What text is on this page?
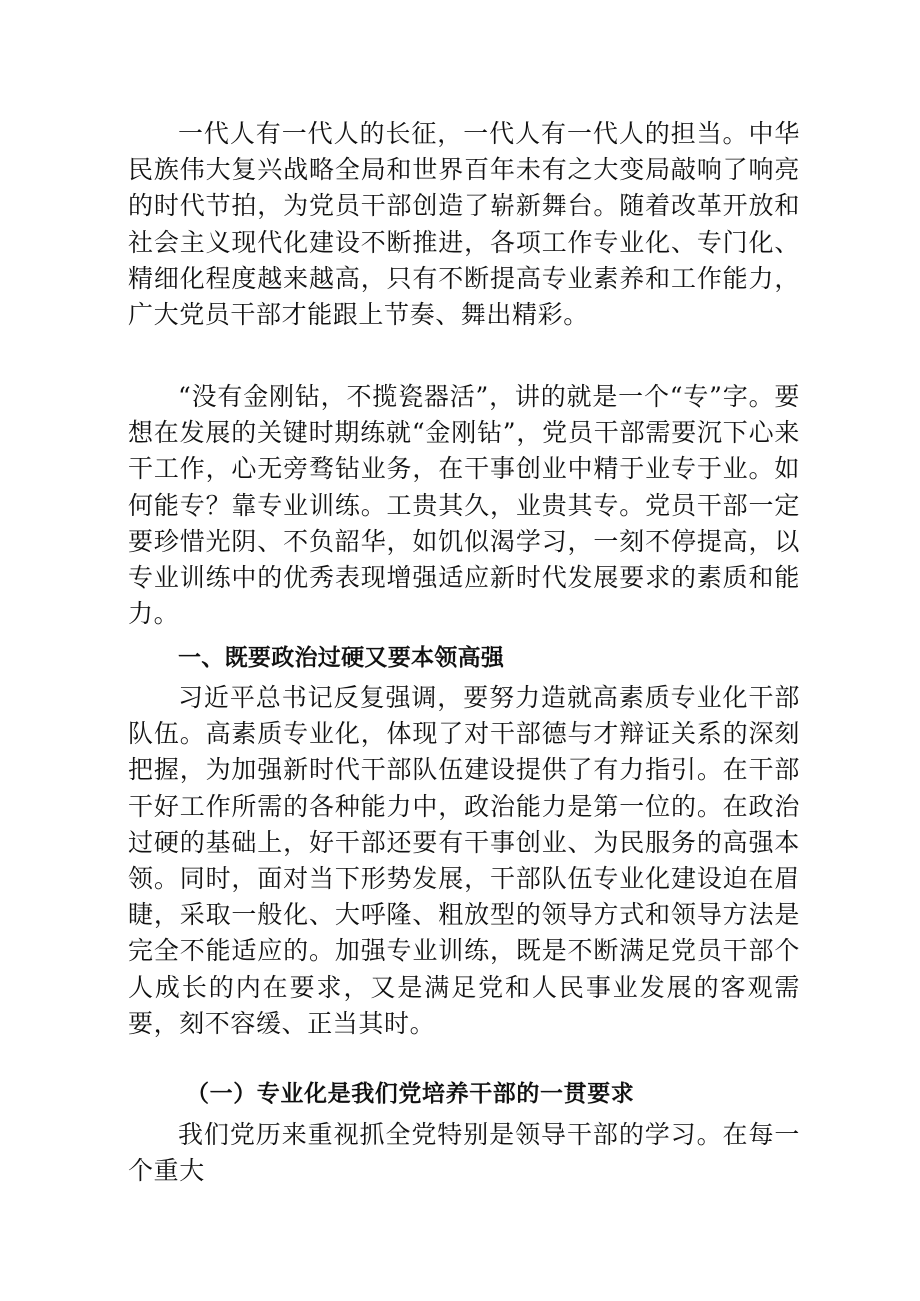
一代人有一代人的长征，一代人有一代人的担当。中华民族伟大复兴战略全局和世界百年未有之大变局敲响了响亮的时代节拍，为党员干部创造了崭新舞台。随着改革开放和社会主义现代化建设不断推进，各项工作专业化、专门化、精细化程度越来越高，只有不断提高专业素养和工作能力，广大党员干部才能跟上节奏、舞出精彩。

“没有金刚钻，不揽瓷器活”，讲的就是一个“专”字。要想在发展的关键时期练就“金刚钻”，党员干部需要沉下心来干工作，心无旁骛钻业务，在干事创业中精于业专于业。如何能专？靠专业训练。工贵其久，业贵其专。党员干部一定要珍惜光阴、不负韶华，如饥似渴学习，一刻不停提高，以专业训练中的优秀表现增强适应新时代发展要求的素质和能力。

一、既要政治过硬又要本领高强

习近平总书记反复强调，要努力造就高素质专业化干部队伍。高素质专业化，体现了对干部德与才辩证关系的深刻把握，为加强新时代干部队伍建设提供了有力指引。在干部干好工作所需的各种能力中，政治能力是第一位的。在政治过硬的基础上，好干部还要有干事创业、为民服务的高强本领。同时，面对当下形势发展，干部队伍专业化建设迫在眉睫，采取一般化、大呼隆、粗放型的领导方式和领导方法是完全不能适应的。加强专业训练，既是不断满足党员干部个人成长的内在要求，又是满足党和人民事业发展的客观需要，刻不容缓、正当其时。

（一）专业化是我们党培养干部的一贯要求

我们党历来重视抓全党特别是领导干部的学习。在每一个重大
